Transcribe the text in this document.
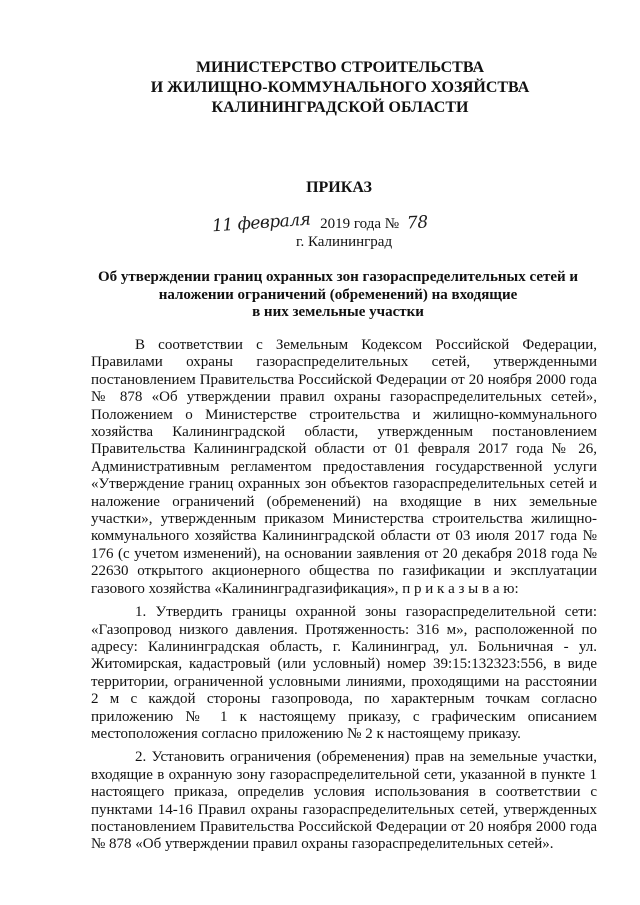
МИНИСТЕРСТВО СТРОИТЕЛЬСТВА
И ЖИЛИЩНО-КОММУНАЛЬНОГО ХОЗЯЙСТВА
КАЛИНИНГРАДСКОЙ ОБЛАСТИ
ПРИКАЗ
11 февраля 2019 года № 78
г. Калининград
Об утверждении границ охранных зон газораспределительных сетей и
наложении ограничений (обременений) на входящие
в них земельные участки

В соответствии с Земельным Кодексом Российской Федерации, Правилами охраны газораспределительных сетей, утвержденными постановлением Правительства Российской Федерации от 20 ноября 2000 года № 878 «Об утверждении правил охраны газораспределительных сетей», Положением о Министерстве строительства и жилищно-коммунального хозяйства Калининградской области, утвержденным постановлением Правительства Калининградской области от 01 февраля 2017 года № 26, Административным регламентом предоставления государственной услуги «Утверждение границ охранных зон объектов газораспределительных сетей и наложение ограничений (обременений) на входящие в них земельные участки», утвержденным приказом Министерства строительства жилищно-коммунального хозяйства Калининградской области от 03 июля 2017 года № 176 (с учетом изменений), на основании заявления от 20 декабря 2018 года № 22630 открытого акционерного общества по газификации и эксплуатации газового хозяйства «Калининградгазификация», п р и к а з ы в а ю:

1. Утвердить границы охранной зоны газораспределительной сети: «Газопровод низкого давления. Протяженность: 316 м», расположенной по адресу: Калининградская область, г. Калининград, ул. Больничная - ул. Житомирская, кадастровый (или условный) номер 39:15:132323:556, в виде территории, ограниченной условными линиями, проходящими на расстоянии 2 м с каждой стороны газопровода, по характерным точкам согласно приложению № 1 к настоящему приказу, с графическим описанием местоположения согласно приложению № 2 к настоящему приказу.

2. Установить ограничения (обременения) прав на земельные участки, входящие в охранную зону газораспределительной сети, указанной в пункте 1 настоящего приказа, определив условия использования в соответствии с пунктами 14-16 Правил охраны газораспределительных сетей, утвержденных постановлением Правительства Российской Федерации от 20 ноября 2000 года № 878 «Об утверждении правил охраны газораспределительных сетей».
